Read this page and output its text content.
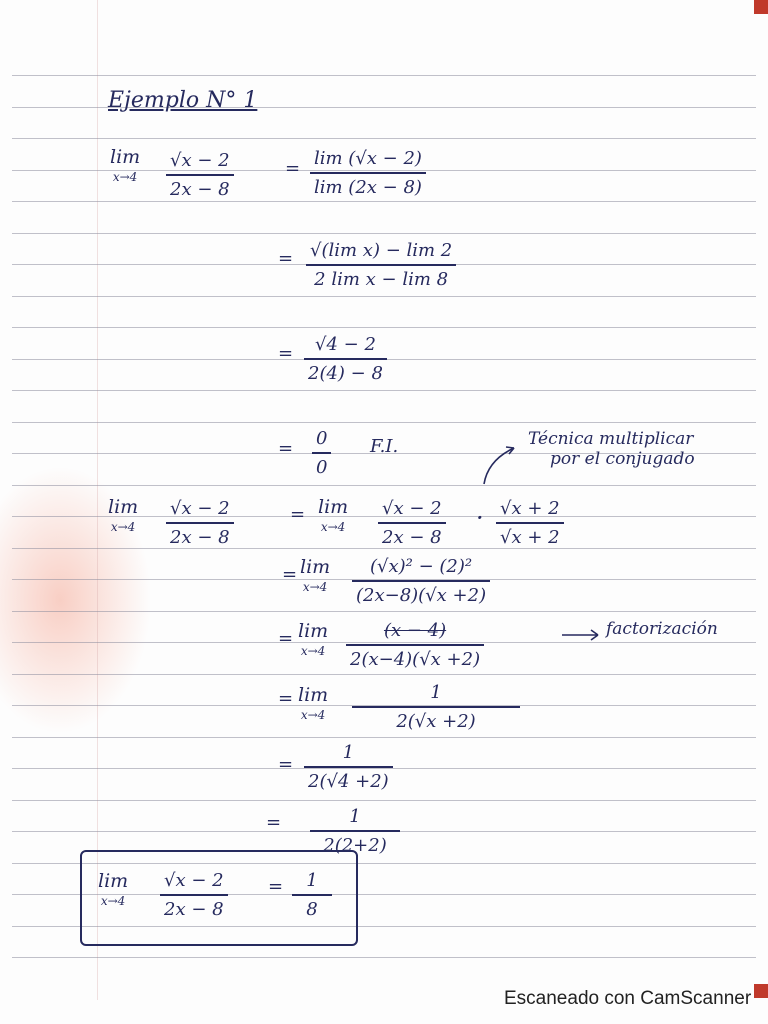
Ejemplo N° 1
lim
x→4
√x − 2
2x − 8
= lim (√x − 2)
lim (2x − 8)
= √(lim x) − lim 2
2 lim x − lim 8
= √4 − 2
2(4) − 8
= 0
0
F.I.	Técnica multiplicar
por el conjugado
lim
x→4
√x − 2
2x − 8
= lim
x→4
√x − 2
2x − 8
· √x + 2
√x + 2
= lim
x→4
(√x)² − (2)²
(2x−8)(√x +2)
= lim
x→4
(x − 4)
2(x−4)(√x +2)
factorización
= lim
x→4
1
2(√x +2)
=
1
2(√4 +2)
=	1
2(2+2)
lim
x→4
√x − 2
2x − 8
= 1
8
Escaneado con CamScanner
